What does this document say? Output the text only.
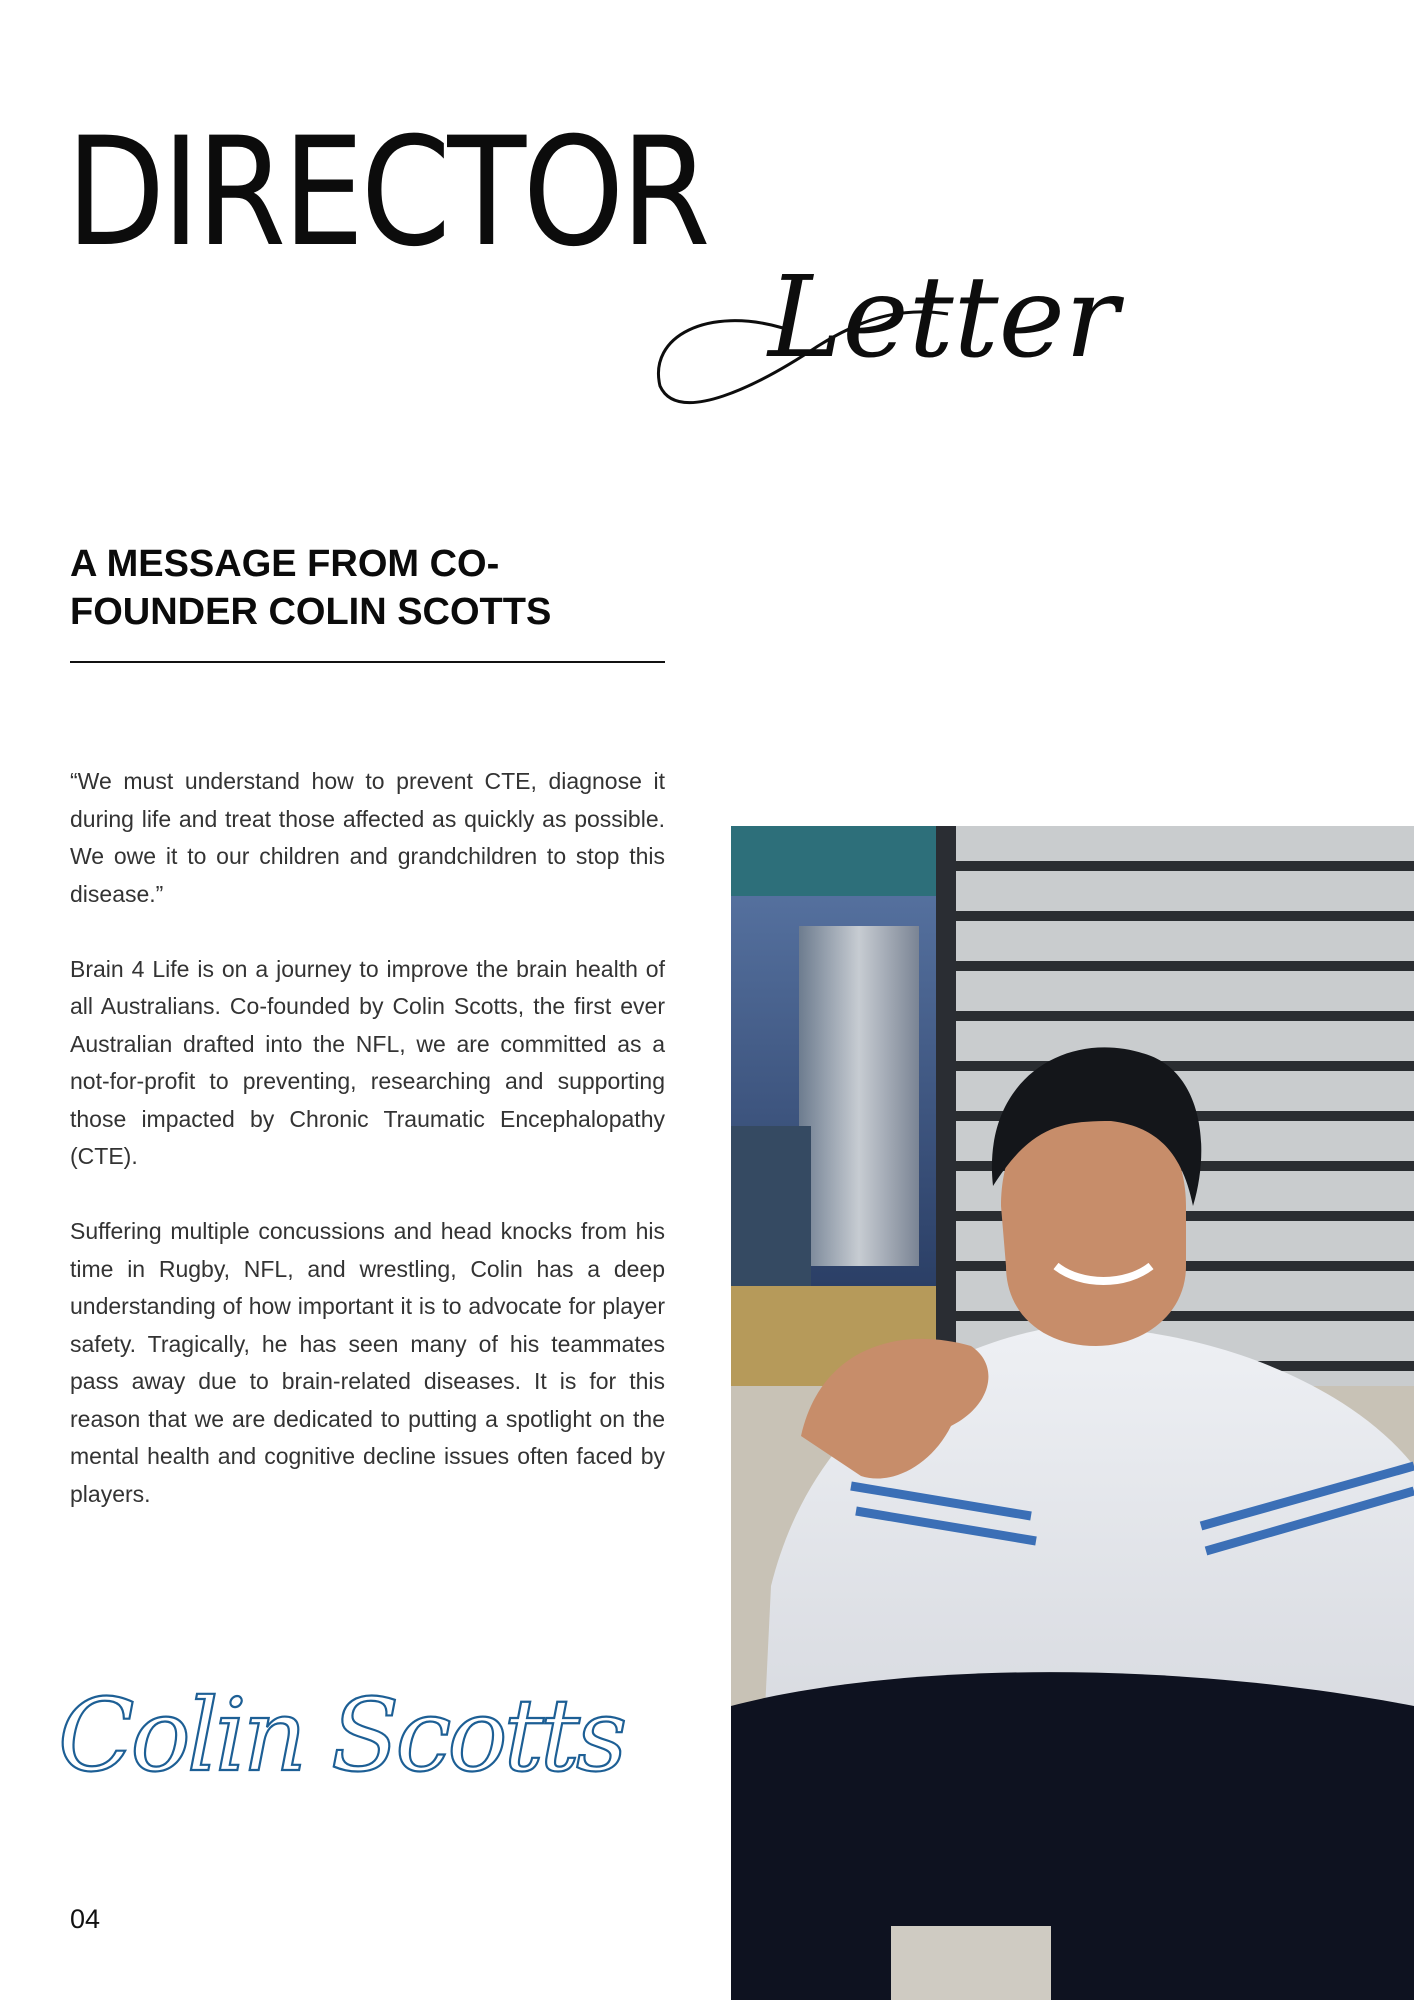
DIRECTOR
Letter
A MESSAGE FROM CO-
FOUNDER COLIN SCOTTS

“We must understand how to prevent CTE, diagnose it during life and treat those affected as quickly as possible. We owe it to our children and grandchildren to stop this disease.”

Brain 4 Life is on a journey to improve the brain health of all Australians. Co-founded by Colin Scotts, the first ever Australian drafted into the NFL, we are committed as a not-for-profit to preventing, researching and supporting those impacted by Chronic Traumatic Encephalopathy (CTE).

Suffering multiple concussions and head knocks from his time in Rugby, NFL, and wrestling, Colin has a deep understanding of how important it is to advocate for player safety. Tragically, he has seen many of his teammates pass away due to brain-related diseases. It is for this reason that we are dedicated to putting a spotlight on the mental health and cognitive decline issues often faced by players.

Colin Scotts
04
